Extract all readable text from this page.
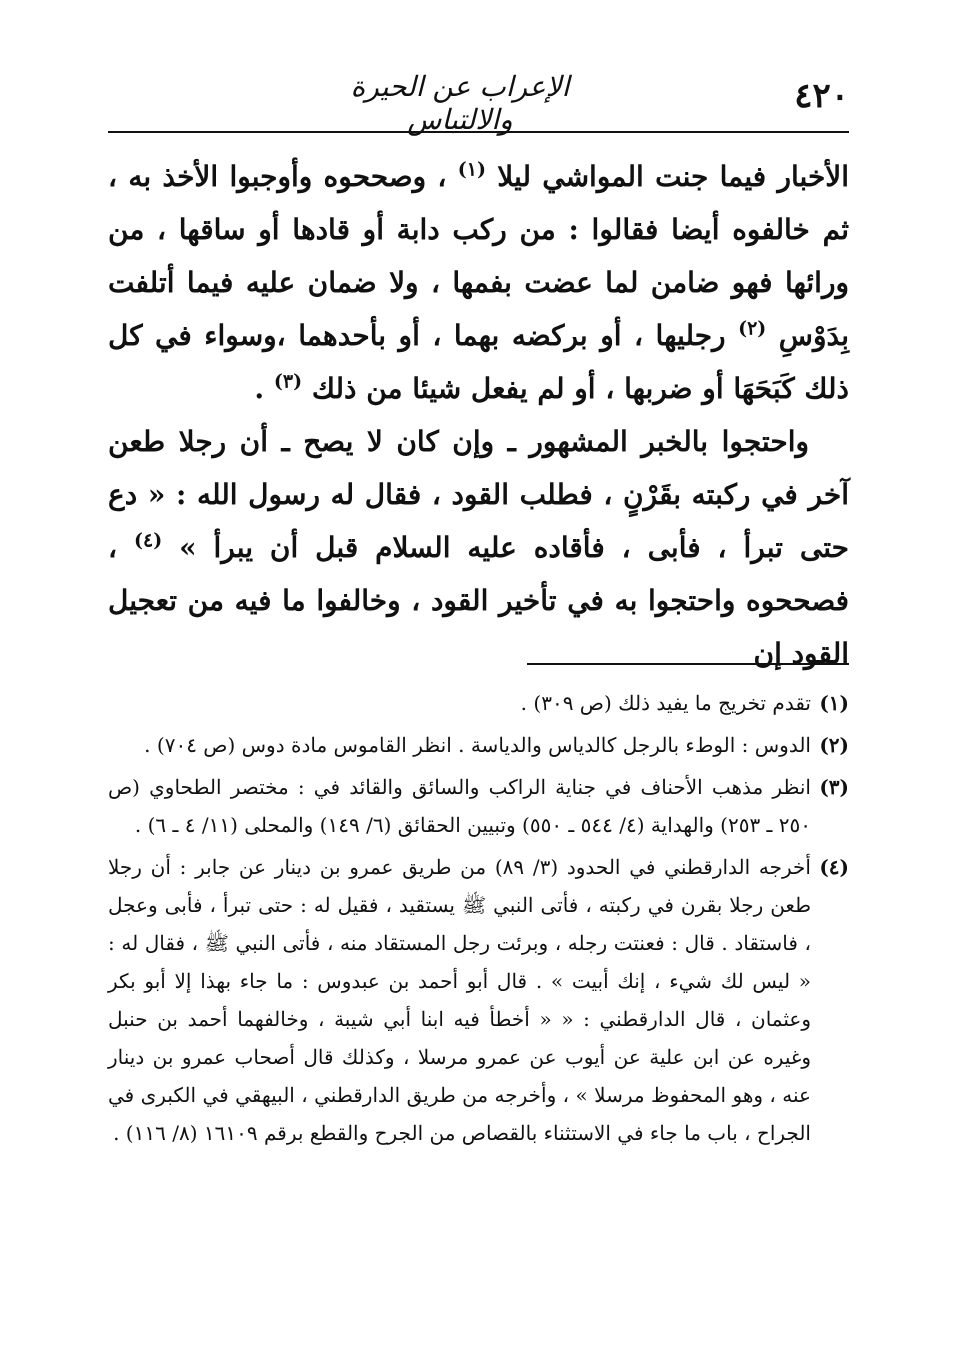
٤٢٠
الإعراب عن الحيرة والالتباس

الأخبار فيما جنت المواشي ليلا $^{(١)}$ ، وصححوه وأوجبوا الأخذ به ، ثم خالفوه أيضا فقالوا : من ركب دابة أو قادها أو ساقها ، من ورائها فهو ضامن لما عضت بفمها ، ولا ضمان عليه فيما أتلفت بِدَوْسِ $^{(٢)}$ رجليها ، أو بركضه بهما ، أو بأحدهما ،وسواء في كل ذلك كَبَحَهَا أو ضربها ، أو لم يفعل شيئا من ذلك $^{(٣)}$ .

واحتجوا بالخبر المشهور ـ وإن كان لا يصح ـ أن رجلا طعن آخر في ركبته بقَرْنٍ ، فطلب القود ، فقال له رسول الله : « دع حتى تبرأ ، فأبى ، فأقاده عليه السلام قبل أن يبرأ » $^{(٤)}$ ، فصححوه واحتجوا به في تأخير القود ، وخالفوا ما فيه من تعجيل القود إن

(١)
تقدم تخريج ما يفيد ذلك (ص ٣٠٩) .
(٢)
الدوس : الوطء بالرجل كالدياس والدياسة . انظر القاموس مادة دوس (ص ٧٠٤) .
(٣)
انظر مذهب الأحناف في جناية الراكب والسائق والقائد في : مختصر الطحاوي (ص ٢٥٠ ـ ٢٥٣) والهداية (٤/ ٥٤٤ ـ ٥٥٠) وتبيين الحقائق (٦/ ١٤٩) والمحلى (١١/ ٤ ـ ٦) .
(٤)
أخرجه الدارقطني في الحدود (٣/ ٨٩) من طريق عمرو بن دينار عن جابر : أن رجلا طعن رجلا بقرن في ركبته ، فأتى النبي ﷺ يستقيد ، فقيل له : حتى تبرأ ، فأبى وعجل ، فاستقاد . قال : فعنتت رجله ، وبرئت رجل المستقاد منه ، فأتى النبي ﷺ ، فقال له : « ليس لك شيء ، إنك أبيت » . قال أبو أحمد بن عبدوس : ما جاء بهذا إلا أبو بكر وعثمان ، قال الدارقطني : « « أخطأ فيه ابنا أبي شيبة ، وخالفهما أحمد بن حنبل وغيره عن ابن علية عن أيوب عن عمرو مرسلا ، وكذلك قال أصحاب عمرو بن دينار عنه ، وهو المحفوظ مرسلا » ، وأخرجه من طريق الدارقطني ، البيهقي في الكبرى في الجراح ، باب ما جاء في الاستثناء بالقصاص من الجرح والقطع برقم ١٦١٠٩ (٨/ ١١٦) .
